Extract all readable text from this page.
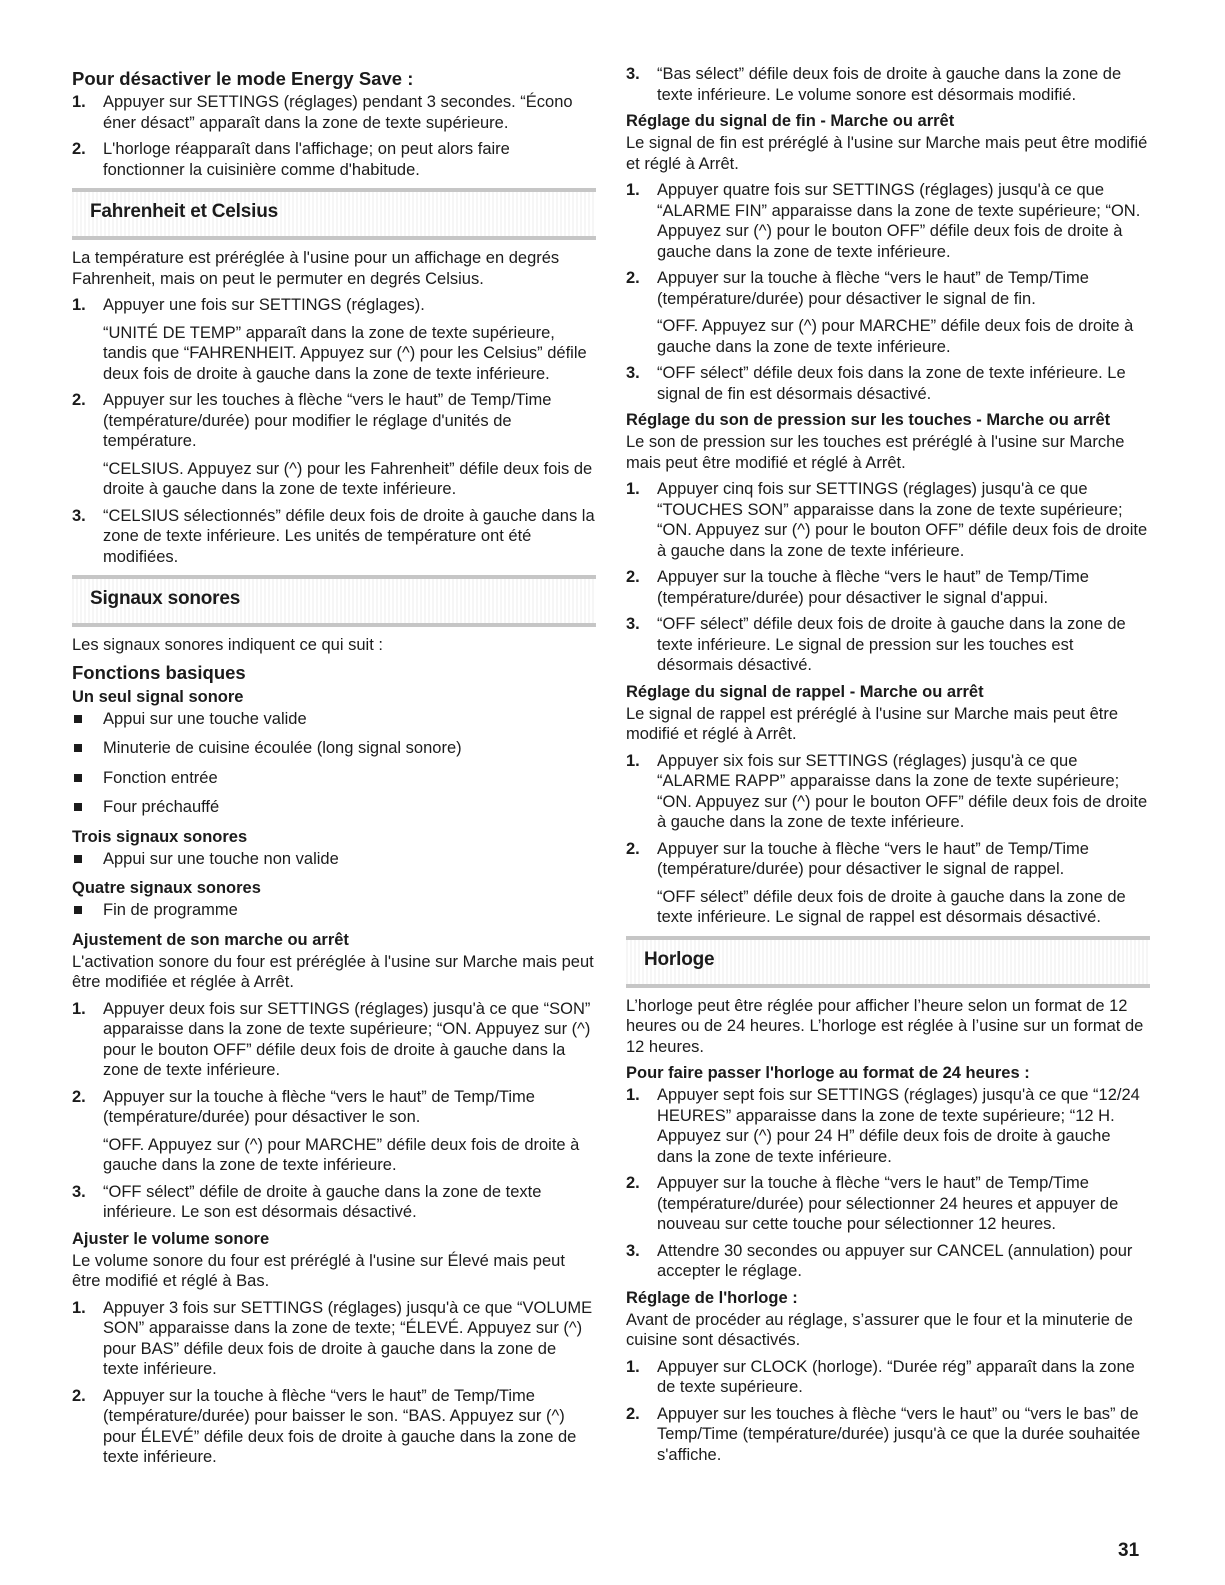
Pour désactiver le mode Energy Save :
1. Appuyer sur SETTINGS (réglages) pendant 3 secondes. “Écono éner désact” apparaît dans la zone de texte supérieure.
2. L'horloge réapparaît dans l'affichage; on peut alors faire fonctionner la cuisinière comme d'habitude.
Fahrenheit et Celsius

La température est préréglée à l'usine pour un affichage en degrés Fahrenheit, mais on peut le permuter en degrés Celsius.

1. Appuyer une fois sur SETTINGS (réglages).
“UNITÉ DE TEMP” apparaît dans la zone de texte supérieure, tandis que “FAHRENHEIT. Appuyez sur (^) pour les Celsius” défile deux fois de droite à gauche dans la zone de texte inférieure.
2. Appuyer sur les touches à flèche “vers le haut” de Temp/Time (température/durée) pour modifier le réglage d'unités de température.
“CELSIUS. Appuyez sur (^) pour les Fahrenheit” défile deux fois de droite à gauche dans la zone de texte inférieure.
3. “CELSIUS sélectionnés” défile deux fois de droite à gauche dans la zone de texte inférieure. Les unités de température ont été modifiées.
Signaux sonores

Les signaux sonores indiquent ce qui suit :

Fonctions basiques
Un seul signal sonore
Appui sur une touche valide
Minuterie de cuisine écoulée (long signal sonore)
Fonction entrée
Four préchauffé
Trois signaux sonores
Appui sur une touche non valide
Quatre signaux sonores
Fin de programme
Ajustement de son marche ou arrêt

L'activation sonore du four est préréglée à l'usine sur Marche mais peut être modifiée et réglée à Arrêt.

1. Appuyer deux fois sur SETTINGS (réglages) jusqu'à ce que “SON” apparaisse dans la zone de texte supérieure; “ON. Appuyez sur (^) pour le bouton OFF” défile deux fois de droite à gauche dans la zone de texte inférieure.
2. Appuyer sur la touche à flèche “vers le haut” de Temp/Time (température/durée) pour désactiver le son.
“OFF. Appuyez sur (^) pour MARCHE” défile deux fois de droite à gauche dans la zone de texte inférieure.
3. “OFF sélect” défile de droite à gauche dans la zone de texte inférieure. Le son est désormais désactivé.
Ajuster le volume sonore

Le volume sonore du four est préréglé à l'usine sur Élevé mais peut être modifié et réglé à Bas.

1. Appuyer 3 fois sur SETTINGS (réglages) jusqu'à ce que “VOLUME SON” apparaisse dans la zone de texte; “ÉLEVÉ. Appuyez sur (^) pour BAS” défile deux fois de droite à gauche dans la zone de texte inférieure.
2. Appuyer sur la touche à flèche “vers le haut” de Temp/Time (température/durée) pour baisser le son. “BAS. Appuyez sur (^) pour ÉLEVÉ” défile deux fois de droite à gauche dans la zone de texte inférieure.
3. “Bas sélect” défile deux fois de droite à gauche dans la zone de texte inférieure. Le volume sonore est désormais modifié.
Réglage du signal de fin - Marche ou arrêt

Le signal de fin est préréglé à l'usine sur Marche mais peut être modifié et réglé à Arrêt.

1. Appuyer quatre fois sur SETTINGS (réglages) jusqu'à ce que “ALARME FIN” apparaisse dans la zone de texte supérieure; “ON. Appuyez sur (^) pour le bouton OFF” défile deux fois de droite à gauche dans la zone de texte inférieure.
2. Appuyer sur la touche à flèche “vers le haut” de Temp/Time (température/durée) pour désactiver le signal de fin.
“OFF. Appuyez sur (^) pour MARCHE” défile deux fois de droite à gauche dans la zone de texte inférieure.
3. “OFF sélect” défile deux fois dans la zone de texte inférieure. Le signal de fin est désormais désactivé.
Réglage du son de pression sur les touches - Marche ou arrêt

Le son de pression sur les touches est préréglé à l'usine sur Marche mais peut être modifié et réglé à Arrêt.

1. Appuyer cinq fois sur SETTINGS (réglages) jusqu'à ce que “TOUCHES SON” apparaisse dans la zone de texte supérieure; “ON. Appuyez sur (^) pour le bouton OFF” défile deux fois de droite à gauche dans la zone de texte inférieure.
2. Appuyer sur la touche à flèche “vers le haut” de Temp/Time (température/durée) pour désactiver le signal d'appui.
3. “OFF sélect” défile deux fois de droite à gauche dans la zone de texte inférieure. Le signal de pression sur les touches est désormais désactivé.
Réglage du signal de rappel - Marche ou arrêt

Le signal de rappel est préréglé à l'usine sur Marche mais peut être modifié et réglé à Arrêt.

1. Appuyer six fois sur SETTINGS (réglages) jusqu'à ce que “ALARME RAPP” apparaisse dans la zone de texte supérieure; “ON. Appuyez sur (^) pour le bouton OFF” défile deux fois de droite à gauche dans la zone de texte inférieure.
2. Appuyer sur la touche à flèche “vers le haut” de Temp/Time (température/durée) pour désactiver le signal de rappel.
“OFF sélect” défile deux fois de droite à gauche dans la zone de texte inférieure. Le signal de rappel est désormais désactivé.
Horloge

L’horloge peut être réglée pour afficher l’heure selon un format de 12 heures ou de 24 heures. L’horloge est réglée à l’usine sur un format de 12 heures.

Pour faire passer l'horloge au format de 24 heures :
1. Appuyer sept fois sur SETTINGS (réglages) jusqu'à ce que “12/24 HEURES” apparaisse dans la zone de texte supérieure; “12 H. Appuyez sur (^) pour 24 H” défile deux fois de droite à gauche dans la zone de texte inférieure.
2. Appuyer sur la touche à flèche “vers le haut” de Temp/Time (température/durée) pour sélectionner 24 heures et appuyer de nouveau sur cette touche pour sélectionner 12 heures.
3. Attendre 30 secondes ou appuyer sur CANCEL (annulation) pour accepter le réglage.
Réglage de l'horloge :

Avant de procéder au réglage, s’assurer que le four et la minuterie de cuisine sont désactivés.

1. Appuyer sur CLOCK (horloge). “Durée rég” apparaît dans la zone de texte supérieure.
2. Appuyer sur les touches à flèche “vers le haut” ou “vers le bas” de Temp/Time (température/durée) jusqu'à ce que la durée souhaitée s'affiche.
31
